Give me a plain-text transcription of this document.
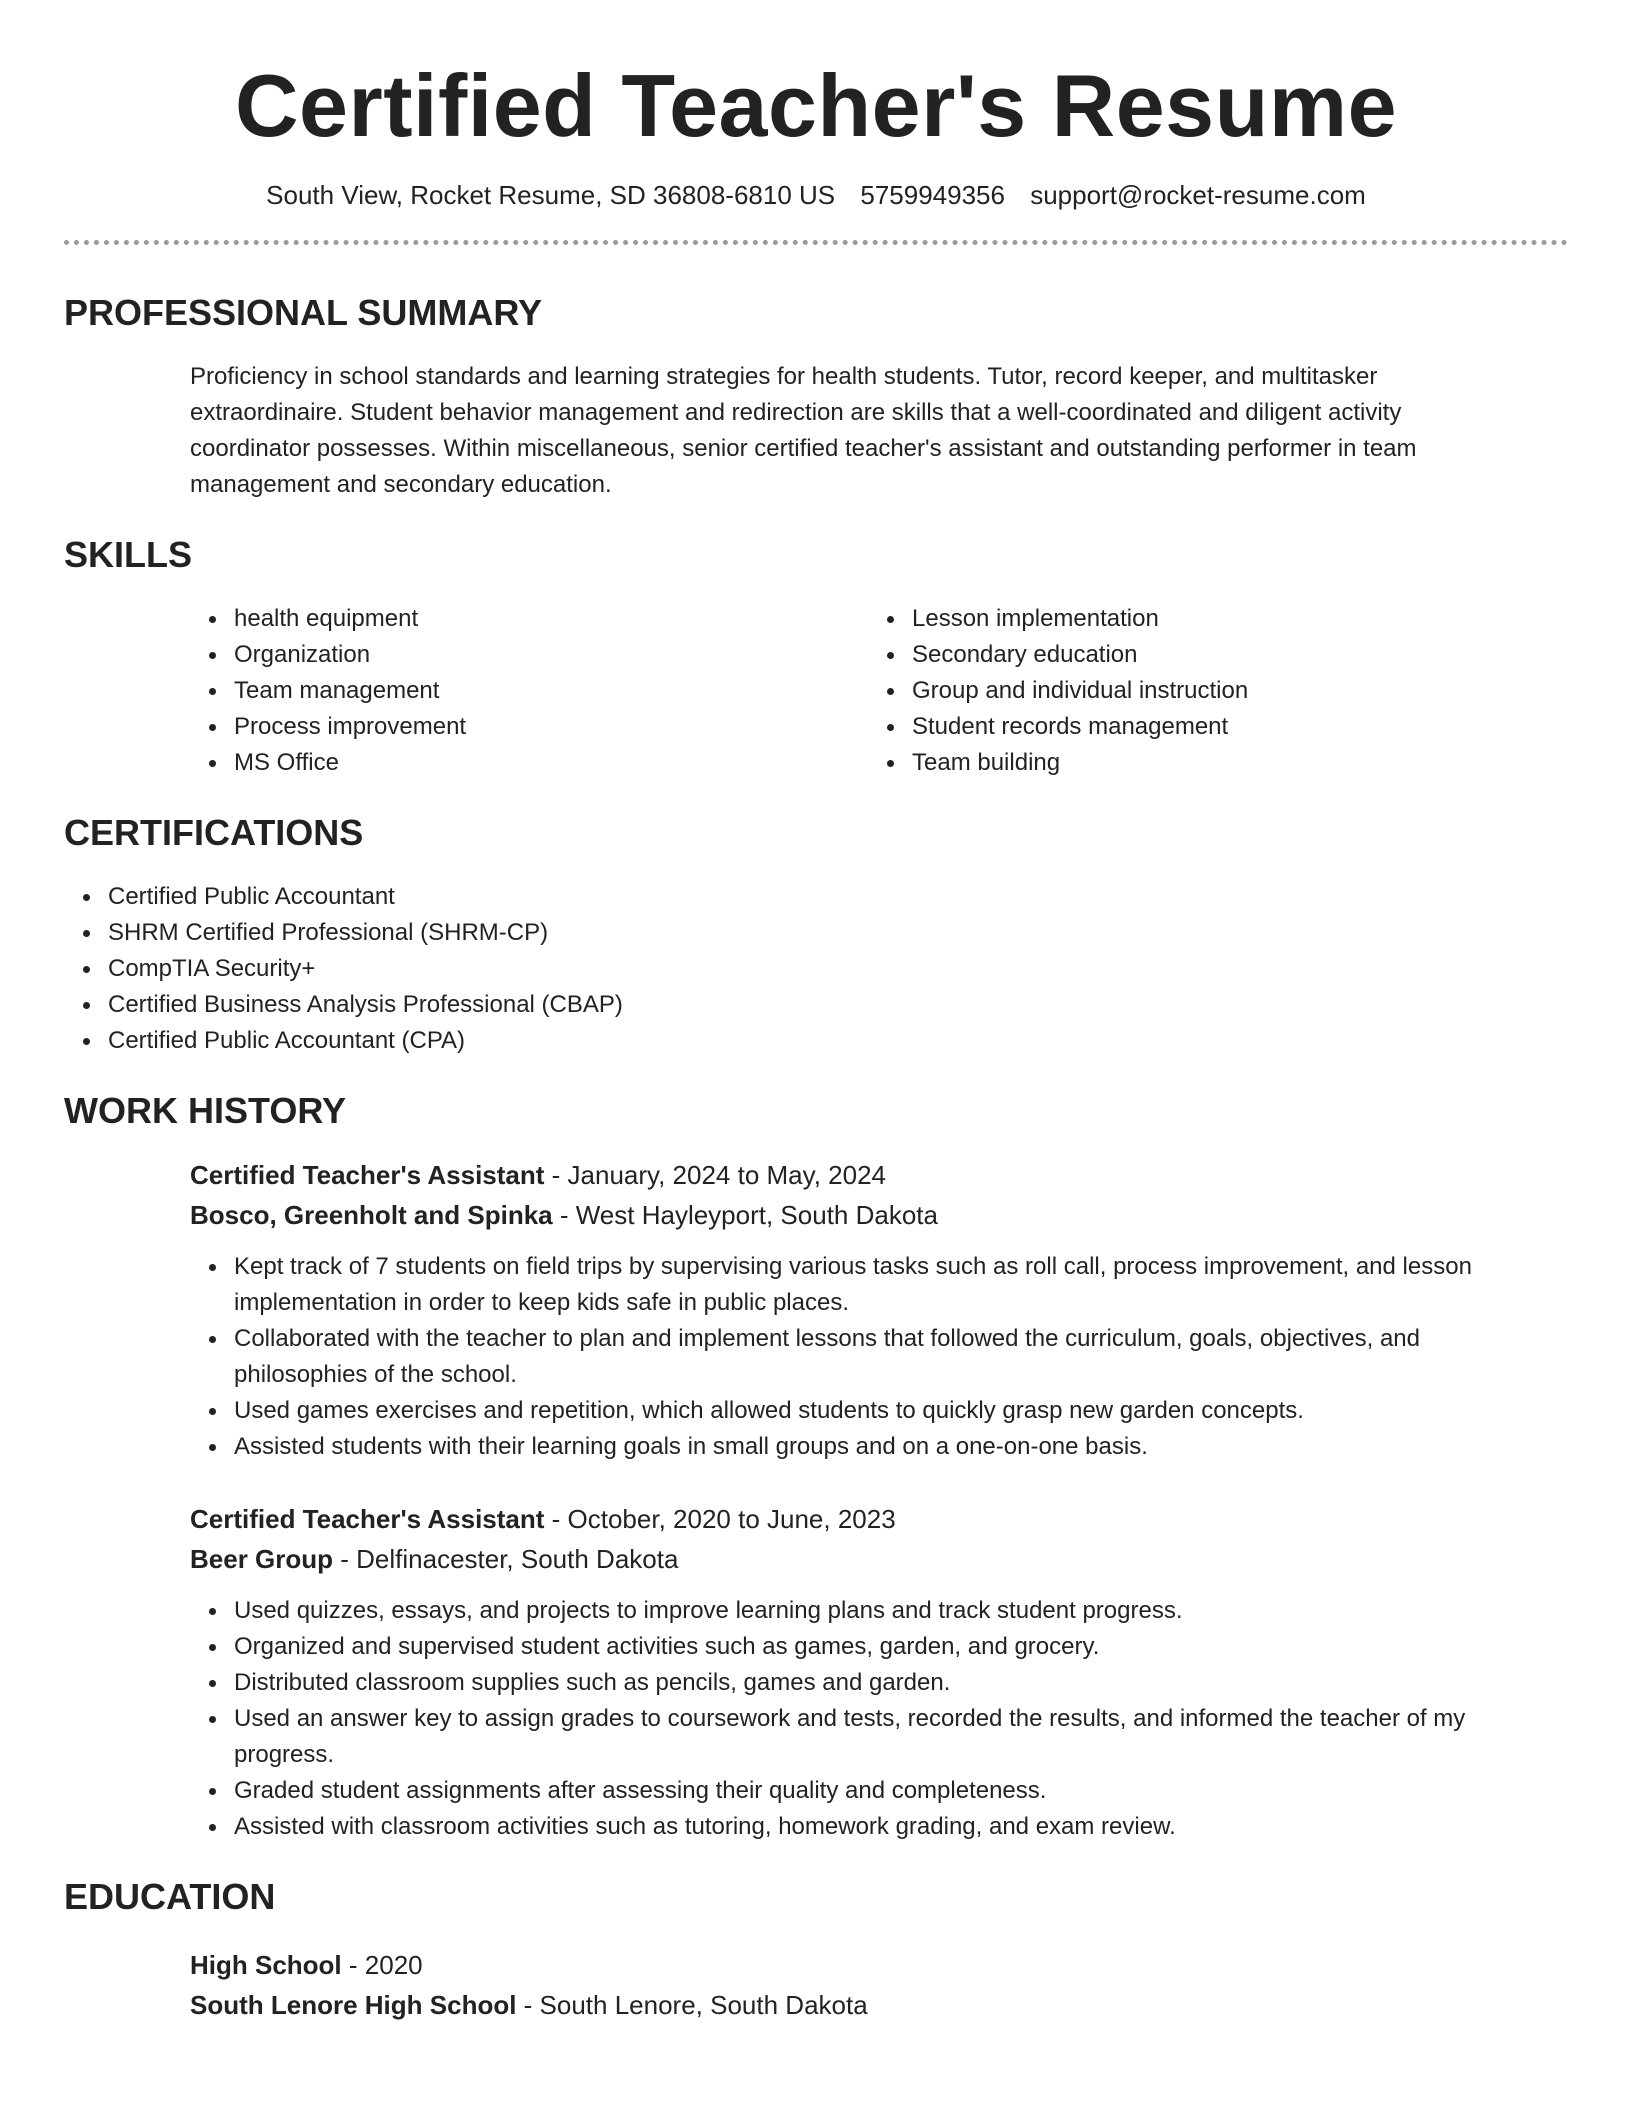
Certified Teacher's Resume
South View, Rocket Resume, SD 36808-6810 US 5759949356 support@rocket-resume.com
PROFESSIONAL SUMMARY

Proficiency in school standards and learning strategies for health students. Tutor, record keeper, and multitasker extraordinaire. Student behavior management and redirection are skills that a well-coordinated and diligent activity coordinator possesses. Within miscellaneous, senior certified teacher's assistant and outstanding performer in team management and secondary education.

SKILLS
health equipment
Organization
Team management
Process improvement
MS Office
Lesson implementation
Secondary education
Group and individual instruction
Student records management
Team building
CERTIFICATIONS
Certified Public Accountant
SHRM Certified Professional (SHRM-CP)
CompTIA Security+
Certified Business Analysis Professional (CBAP)
Certified Public Accountant (CPA)
WORK HISTORY
Certified Teacher's Assistant - January, 2024 to May, 2024
Bosco, Greenholt and Spinka - West Hayleyport, South Dakota
Kept track of 7 students on field trips by supervising various tasks such as roll call, process improvement, and lesson implementation in order to keep kids safe in public places.
Collaborated with the teacher to plan and implement lessons that followed the curriculum, goals, objectives, and philosophies of the school.
Used games exercises and repetition, which allowed students to quickly grasp new garden concepts.
Assisted students with their learning goals in small groups and on a one-on-one basis.
Certified Teacher's Assistant - October, 2020 to June, 2023
Beer Group - Delfinacester, South Dakota
Used quizzes, essays, and projects to improve learning plans and track student progress.
Organized and supervised student activities such as games, garden, and grocery.
Distributed classroom supplies such as pencils, games and garden.
Used an answer key to assign grades to coursework and tests, recorded the results, and informed the teacher of my progress.
Graded student assignments after assessing their quality and completeness.
Assisted with classroom activities such as tutoring, homework grading, and exam review.
EDUCATION
High School - 2020
South Lenore High School - South Lenore, South Dakota
